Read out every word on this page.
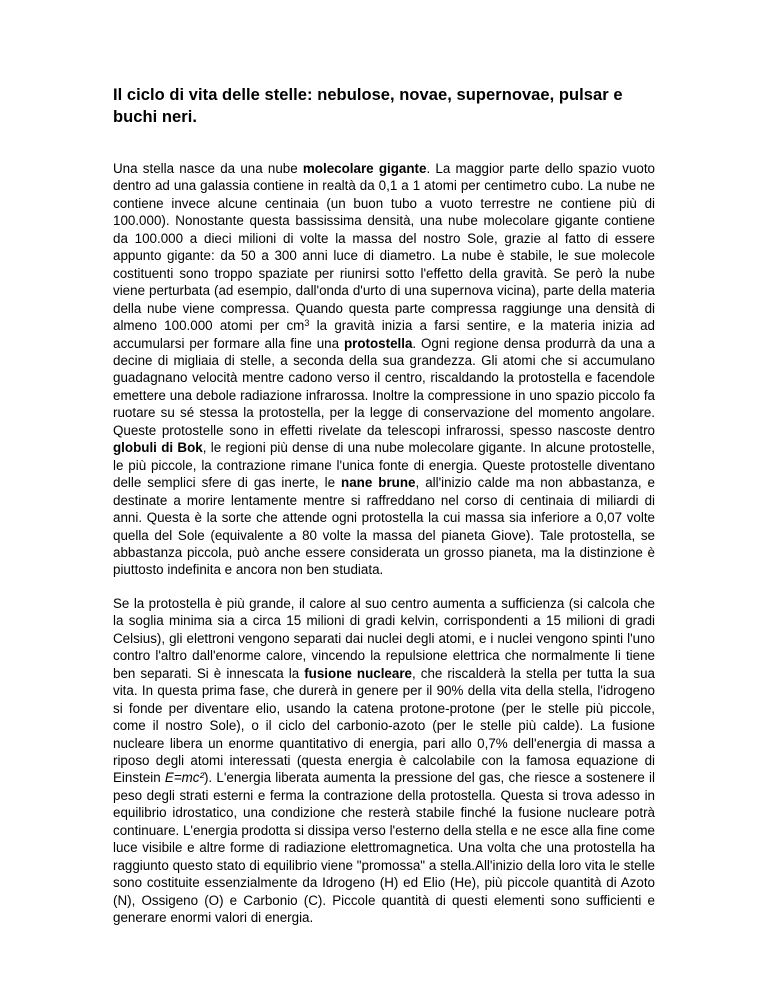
Il ciclo di vita delle stelle: nebulose, novae, supernovae, pulsar e buchi neri.

Una stella nasce da una nube molecolare gigante. La maggior parte dello spazio vuoto dentro ad una galassia contiene in realtà da 0,1 a 1 atomi per centimetro cubo. La nube ne contiene invece alcune centinaia (un buon tubo a vuoto terrestre ne contiene più di 100.000). Nonostante questa bassissima densità, una nube molecolare gigante contiene da 100.000 a dieci milioni di volte la massa del nostro Sole, grazie al fatto di essere appunto gigante: da 50 a 300 anni luce di diametro. La nube è stabile, le sue molecole costituenti sono troppo spaziate per riunirsi sotto l'effetto della gravità. Se però la nube viene perturbata (ad esempio, dall'onda d'urto di una supernova vicina), parte della materia della nube viene compressa. Quando questa parte compressa raggiunge una densità di almeno 100.000 atomi per $cm^3$ la gravità inizia a farsi sentire, e la materia inizia ad accumularsi per formare alla fine una protostella. Ogni regione densa produrrà da una a decine di migliaia di stelle, a seconda della sua grandezza. Gli atomi che si accumulano guadagnano velocità mentre cadono verso il centro, riscaldando la protostella e facendole emettere una debole radiazione infrarossa. Inoltre la compressione in uno spazio piccolo fa ruotare su sé stessa la protostella, per la legge di conservazione del momento angolare. Queste protostelle sono in effetti rivelate da telescopi infrarossi, spesso nascoste dentro globuli di Bok, le regioni più dense di una nube molecolare gigante. In alcune protostelle, le più piccole, la contrazione rimane l'unica fonte di energia. Queste protostelle diventano delle semplici sfere di gas inerte, le nane brune, all'inizio calde ma non abbastanza, e destinate a morire lentamente mentre si raffreddano nel corso di centinaia di miliardi di anni. Questa è la sorte che attende ogni protostella la cui massa sia inferiore a 0,07 volte quella del Sole (equivalente a 80 volte la massa del pianeta Giove). Tale protostella, se abbastanza piccola, può anche essere considerata un grosso pianeta, ma la distinzione è piuttosto indefinita e ancora non ben studiata.

Se la protostella è più grande, il calore al suo centro aumenta a sufficienza (si calcola che la soglia minima sia a circa 15 milioni di gradi kelvin, corrispondenti a 15 milioni di gradi Celsius), gli elettroni vengono separati dai nuclei degli atomi, e i nuclei vengono spinti l'uno contro l'altro dall'enorme calore, vincendo la repulsione elettrica che normalmente li tiene ben separati. Si è innescata la fusione nucleare, che riscalderà la stella per tutta la sua vita. In questa prima fase, che durerà in genere per il 90% della vita della stella, l'idrogeno si fonde per diventare elio, usando la catena protone-protone (per le stelle più piccole, come il nostro Sole), o il ciclo del carbonio-azoto (per le stelle più calde). La fusione nucleare libera un enorme quantitativo di energia, pari allo 0,7% dell'energia di massa a riposo degli atomi interessati (questa energia è calcolabile con la famosa equazione di Einstein E=mc²). L'energia liberata aumenta la pressione del gas, che riesce a sostenere il peso degli strati esterni e ferma la contrazione della protostella. Questa si trova adesso in equilibrio idrostatico, una condizione che resterà stabile finché la fusione nucleare potrà continuare. L'energia prodotta si dissipa verso l'esterno della stella e ne esce alla fine come luce visibile e altre forme di radiazione elettromagnetica. Una volta che una protostella ha raggiunto questo stato di equilibrio viene "promossa" a stella.All'inizio della loro vita le stelle sono costituite essenzialmente da Idrogeno (H) ed Elio (He), più piccole quantità di Azoto (N), Ossigeno (O) e Carbonio (C). Piccole quantità di questi elementi sono sufficienti e generare enormi valori di energia.
